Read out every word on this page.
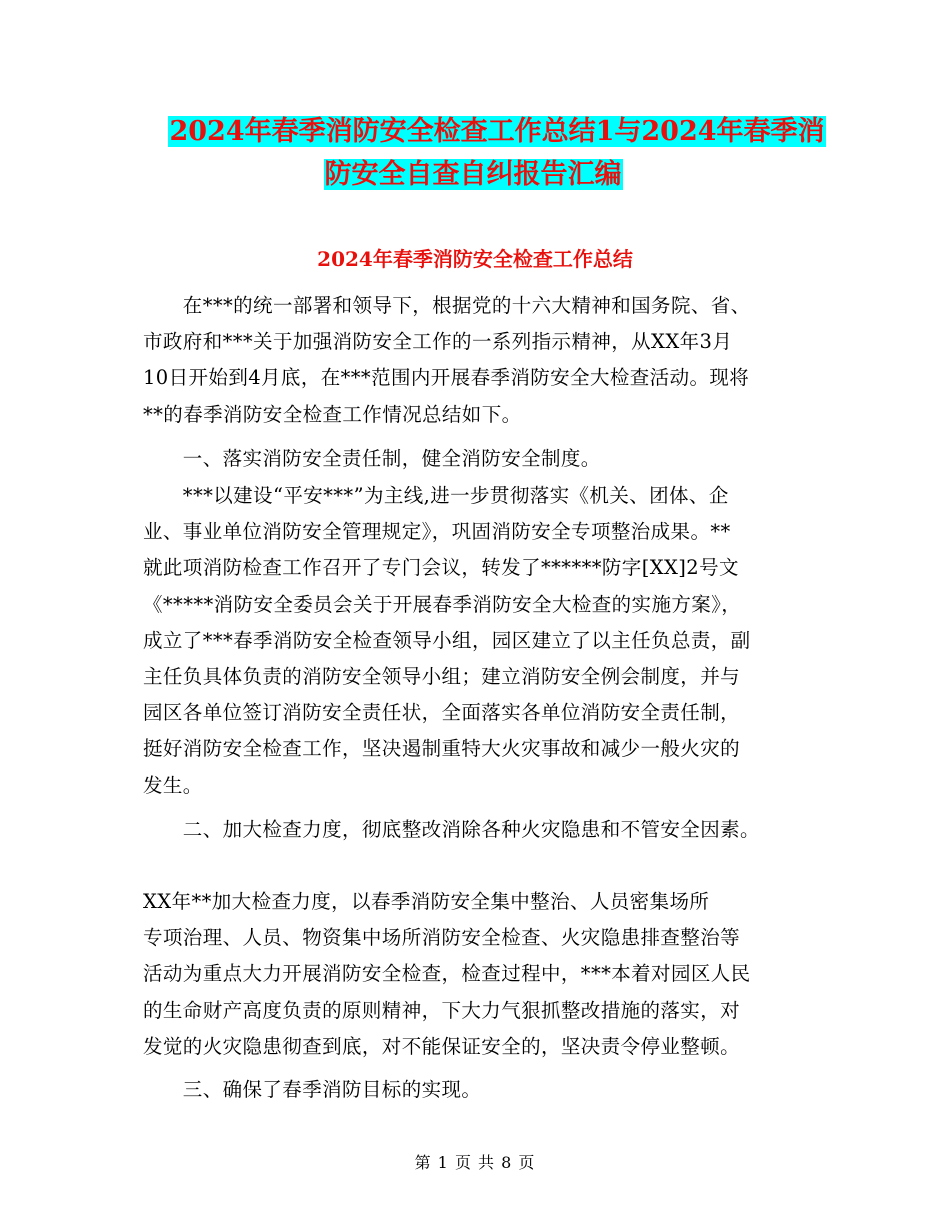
2024年春季消防安全检查工作总结1与2024年春季消
防安全自查自纠报告汇编
2024年春季消防安全检查工作总结
　　在***的统一部署和领导下，根据党的十六大精神和国务院、省、
市政府和***关于加强消防安全工作的一系列指示精神，从XX年3月
10日开始到4月底，在***范围内开展春季消防安全大检查活动。现将
**的春季消防安全检查工作情况总结如下。
　　一、落实消防安全责任制，健全消防安全制度。
　　***以建设“平安***”为主线,进一步贯彻落实《机关、团体、企
业、事业单位消防安全管理规定》，巩固消防安全专项整治成果。**
就此项消防检查工作召开了专门会议，转发了******防字[XX]2号文
《*****消防安全委员会关于开展春季消防安全大检查的实施方案》，
成立了***春季消防安全检查领导小组，园区建立了以主任负总责，副
主任负具体负责的消防安全领导小组；建立消防安全例会制度，并与
园区各单位签订消防安全责任状，全面落实各单位消防安全责任制，
挺好消防安全检查工作，坚决遏制重特大火灾事故和减少一般火灾的
发生。
　　二、加大检查力度，彻底整改消除各种火灾隐患和不管安全因素。
XX年**加大检查力度，以春季消防安全集中整治、人员密集场所
专项治理、人员、物资集中场所消防安全检查、火灾隐患排查整治等
活动为重点大力开展消防安全检查，检查过程中，***本着对园区人民
的生命财产高度负责的原则精神，下大力气狠抓整改措施的落实，对
发觉的火灾隐患彻查到底，对不能保证安全的，坚决责令停业整顿。
　　三、确保了春季消防目标的实现。
第 1 页 共 8 页
